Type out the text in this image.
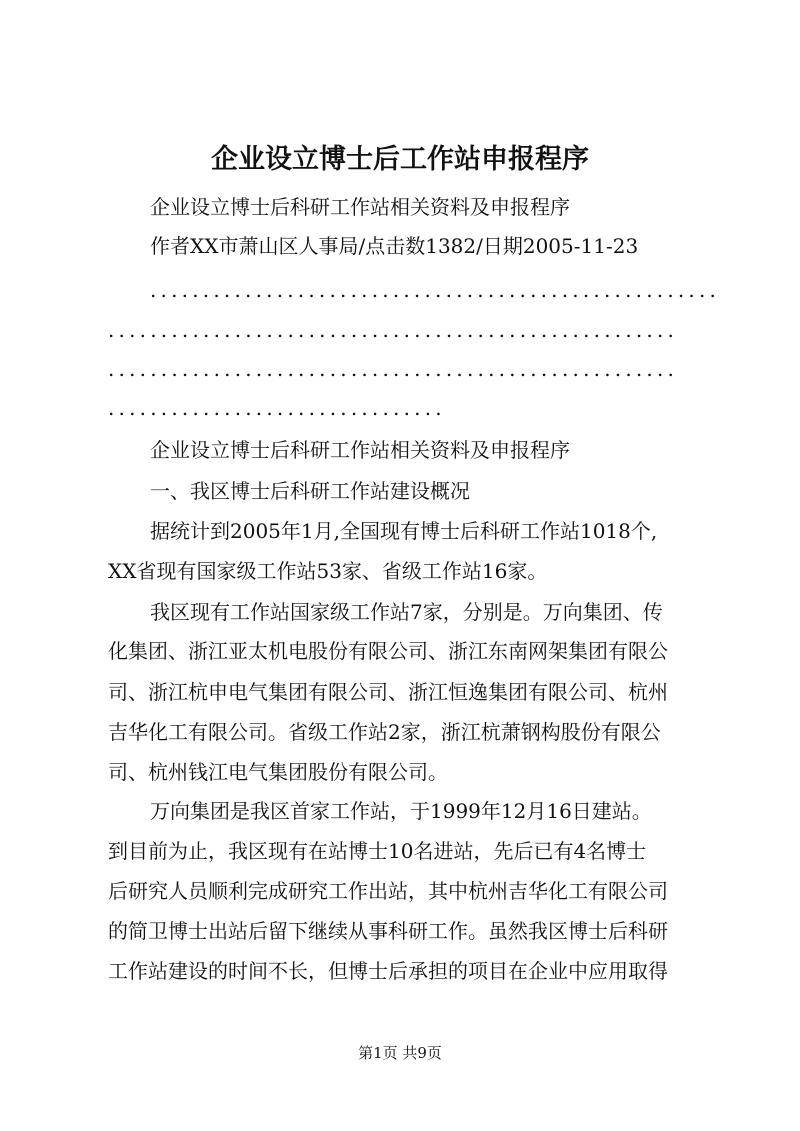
企业设立博士后工作站申报程序

企业设立博士后科研工作站相关资料及申报程序

作者XX市萧山区人事局/点击数1382/日期2005-11-23

......................................................
......................................................
......................................................
................................

企业设立博士后科研工作站相关资料及申报程序

一、我区博士后科研工作站建设概况

据统计到2005年1月,全国现有博士后科研工作站1018个,

XX省现有国家级工作站53家、省级工作站16家。

我区现有工作站国家级工作站7家，分别是。万向集团、传

化集团、浙江亚太机电股份有限公司、浙江东南网架集团有限公

司、浙江杭申电气集团有限公司、浙江恒逸集团有限公司、杭州

吉华化工有限公司。省级工作站2家，浙江杭萧钢构股份有限公

司、杭州钱江电气集团股份有限公司。

万向集团是我区首家工作站，于1999年12月16日建站。

到目前为止，我区现有在站博士10名进站，先后已有4名博士

后研究人员顺利完成研究工作出站，其中杭州吉华化工有限公司

的简卫博士出站后留下继续从事科研工作。虽然我区博士后科研

工作站建设的时间不长，但博士后承担的项目在企业中应用取得

第1页 共9页
